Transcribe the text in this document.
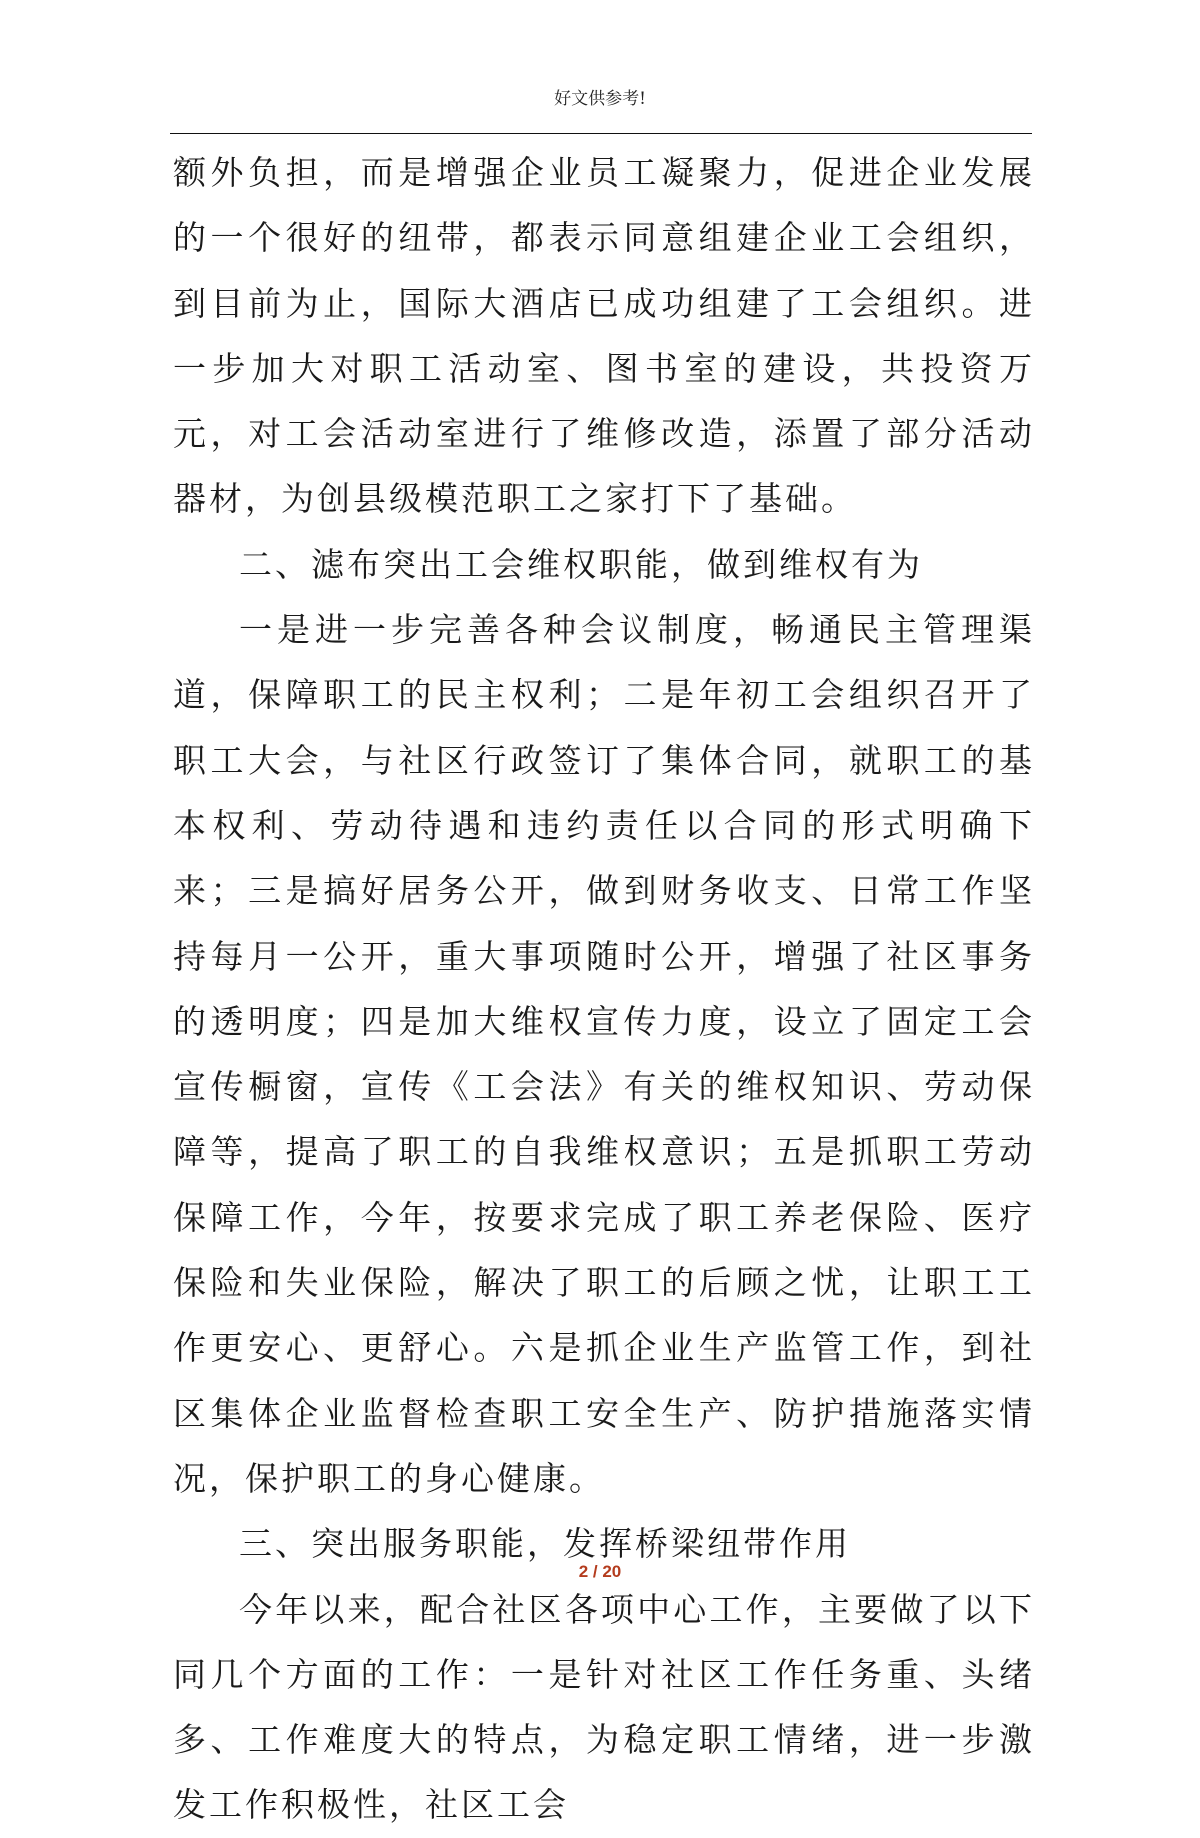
好文供参考!

额外负担，而是增强企业员工凝聚力，促进企业发展的一个很好的纽带，都表示同意组建企业工会组织，到目前为止，国际大酒店已成功组建了工会组织。进一步加大对职工活动室、图书室的建设，共投资万元，对工会活动室进行了维修改造，添置了部分活动器材，为创县级模范职工之家打下了基础。

二、滤布突出工会维权职能，做到维权有为

一是进一步完善各种会议制度，畅通民主管理渠道，保障职工的民主权利；二是年初工会组织召开了职工大会，与社区行政签订了集体合同，就职工的基本权利、劳动待遇和违约责任以合同的形式明确下来；三是搞好居务公开，做到财务收支、日常工作坚持每月一公开，重大事项随时公开，增强了社区事务的透明度；四是加大维权宣传力度，设立了固定工会宣传橱窗，宣传《工会法》有关的维权知识、劳动保障等，提高了职工的自我维权意识；五是抓职工劳动保障工作，今年，按要求完成了职工养老保险、医疗保险和失业保险，解决了职工的后顾之忧，让职工工作更安心、更舒心。六是抓企业生产监管工作，到社区集体企业监督检查职工安全生产、防护措施落实情况，保护职工的身心健康。

三、突出服务职能，发挥桥梁纽带作用

今年以来，配合社区各项中心工作，主要做了以下同几个方面的工作：一是针对社区工作任务重、头绪多、工作难度大的特点，为稳定职工情绪，进一步激发工作积极性，社区工会

2 / 20
